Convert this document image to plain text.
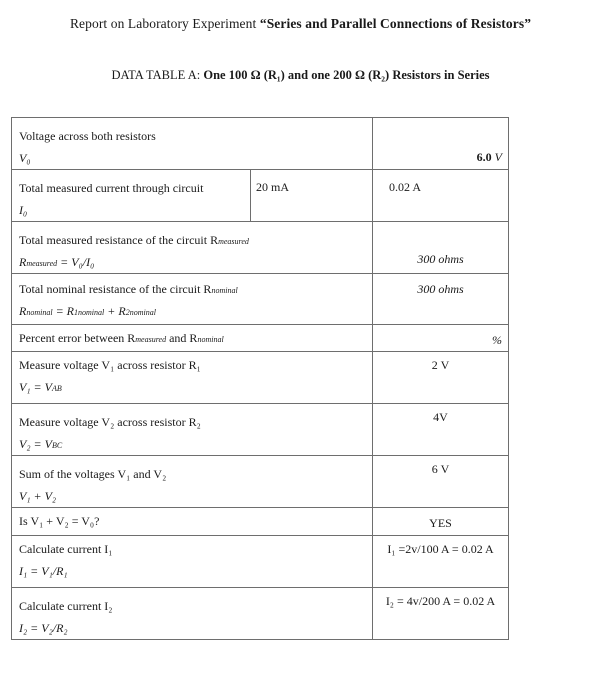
Report on Laboratory Experiment “Series and Parallel Connections of Resistors”
DATA TABLE A: One 100 Ω (R₁) and one 200 Ω (R₂) Resistors in Series
Voltage across both resistors
V₀		6.0 V

Total measured current through circuit
I₀	20 mA	0.02 A

Total measured resistance of the circuit Rmeasured
Rmeasured = V₀/I₀		300 ohms

Total nominal resistance of the circuit Rnominal
Rnominal = R1nominal + R2nominal		300 ohms

Percent error between Rmeasured and Rnominal		%

Measure voltage V₁ across resistor R₁
V₁ = VAB		2 V

Measure voltage V₂ across resistor R₂
V₂ = VBC		4V

Sum of the voltages V₁ and V₂
V₁ + V₂		6 V

Is V₁ + V₂ = V₀?		YES

Calculate current I₁
I₁ = V₁/R₁		I₁ =2v/100 A = 0.02 A

Calculate current I₂
I₂ = V₂/R₂		I₂ = 4v/200 A = 0.02 A
